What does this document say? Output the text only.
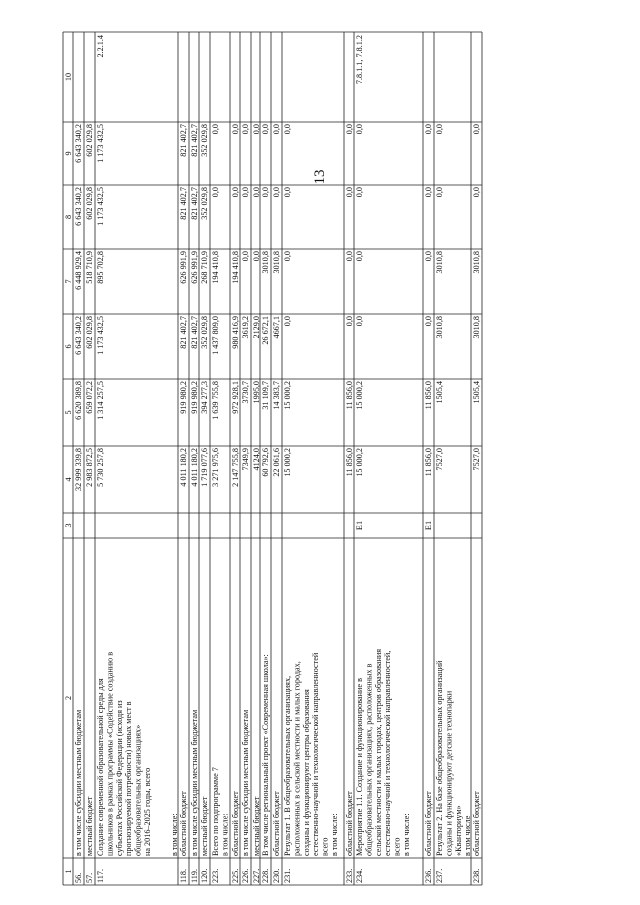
13
1
2
3
4
5
6
7
8
9
10
56.
в том числе субсидии местным бюджетам
32 999 339,8
6 620 389,8
6 643 340,2
6 448 929,4
6 643 340,2
6 643 340,2
57.
местный бюджет
2 983 872,5
659 072,2
602 029,8
518 710,9
602 029,8
602 029,8
117.
Создание современной образовательной среды для школьников в рамках программы «Содействие созданию в субъектах Российской Федерации (исходя из прогнозируемой потребности) новых мест в общеобразовательных организациях» на 2016–2025 годы, всего
5 730 257,8
1 314 257,5
1 173 432,5
895 702,8
1 173 432,5
1 173 432,5
2.2.1.4
в том числе:
118.
областной бюджет
4 011 180,2
919 980,2
821 402,7
626 991,9
821 402,7
821 402,7
119.
в том числе субсидии местным бюджетам
4 011 180,2
919 980,2
821 402,7
626 991,9
821 402,7
821 402,7
120.
местный бюджет
1 719 077,6
394 277,3
352 029,8
268 710,9
352 029,8
352 029,8
223.
Всего по подпрограмме 7 в том числе:
3 271 975,6
1 639 755,8
1 437 809,0
194 410,8
0,0
0,0
225.
областной бюджет
2 147 755,8
972 928,1
980 416,9
194 410,8
0,0
0,0
226.
в том числе субсидии местным бюджетам
7349,9
3730,7
3619,2
0,0
0,0
0,0
227.
местный бюджет
4124,0
1995,0
2129,0
0,0
0,0
0,0
228.
В том числе региональный проект «Современная школа»:
60 792,6
31 109,7
26 672,1
3010,8
0,0
0,0
230.
областной бюджет
22 061,6
14 383,7
4667,1
3010,8
0,0
0,0
231.
Результат 1. В общеобразовательных организациях, расположенных в сельской местности и малых городах, созданы и функционируют центры образования естественно-научной и технологической направленностей всего в том числе:
15 000,2
15 000,2
0,0
0,0
0,0
0,0
233.
областной бюджет
11 856,0
11 856,0
0,0
0,0
0,0
0,0
234.
Мероприятие 1.1. Создание и функционирование в общеобразовательных организациях, расположенных в сельской местности и малых городах, центров образования естественно-научной и технологической направленностей, всего в том числе:
Е1
15 000,2
15 000,2
0,0
0,0
0,0
0,0
7.8.1.1, 7.8.1.2
236.
областной бюджет
Е1
11 856,0
11 856,0
0,0
0,0
0,0
0,0
237.
Результат 2. На базе общеобразовательных организаций созданы и функционируют детские технопарки «Кванториум» в том числе
7527,0
1505,4
3010,8
3010,8
0,0
0,0
238.
областной бюджет
7527,0
1505,4
3010,8
3010,8
0,0
0,0
